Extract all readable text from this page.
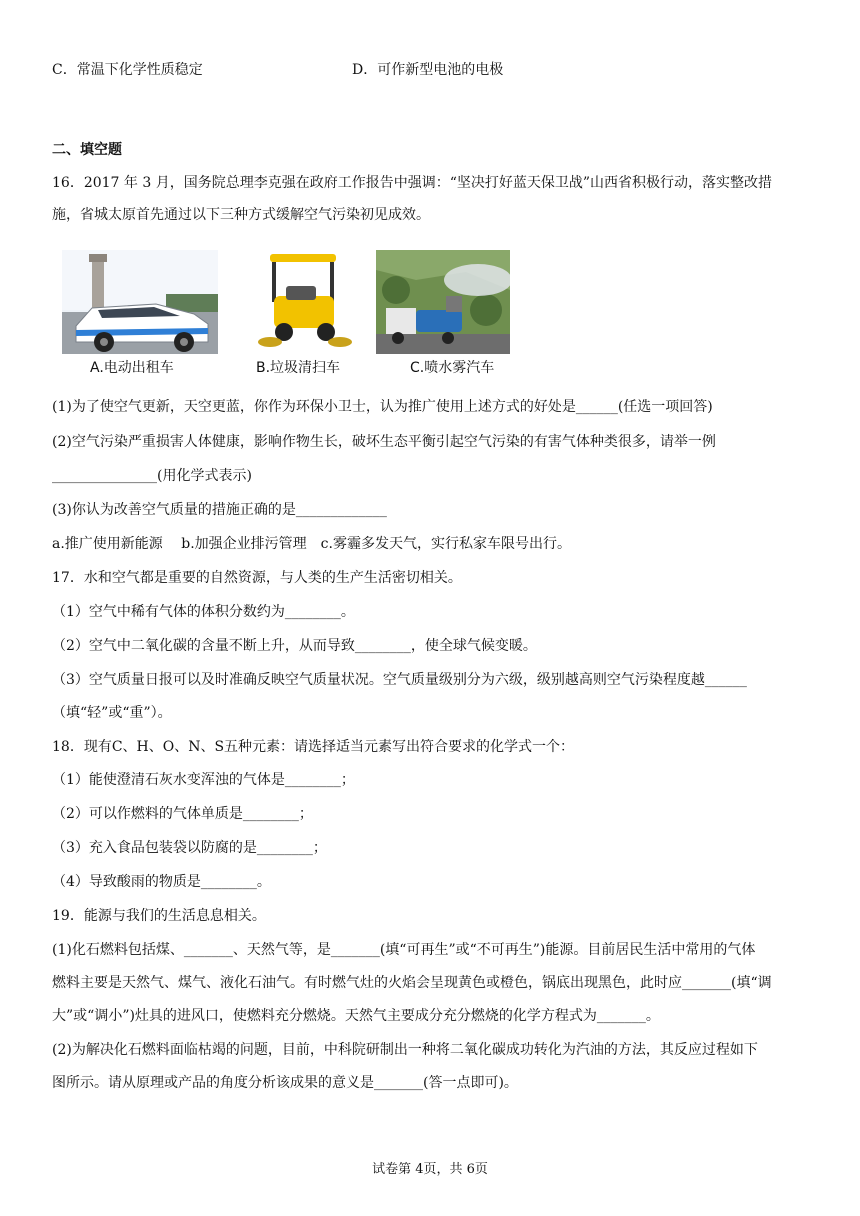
C．常温下化学性质稳定	D．可作新型电池的电极
二、填空题
16．2017 年 3 月，国务院总理李克强在政府工作报告中强调：“坚决打好蓝天保卫战”山西省积极行动，落实整改措
施，省城太原首先通过以下三种方式缓解空气污染初见成效。
A.电动出租车	B.垃圾清扫车	C.喷水雾汽车
(1)为了使空气更新，天空更蓝，你作为环保小卫士，认为推广使用上述方式的好处是______(任选一项回答)
(2)空气污染严重损害人体健康，影响作物生长，破坏生态平衡引起空气污染的有害气体种类很多，请举一例
_______________(用化学式表示)
(3)你认为改善空气质量的措施正确的是_____________
a.推广使用新能源　 b.加强企业排污管理　c.雾霾多发天气，实行私家车限号出行。
17．水和空气都是重要的自然资源，与人类的生产生活密切相关。
（1）空气中稀有气体的体积分数约为________。
（2）空气中二氧化碳的含量不断上升，从而导致________，使全球气候变暖。
（3）空气质量日报可以及时准确反映空气质量状况。空气质量级别分为六级，级别越高则空气污染程度越______
（填“轻”或“重”）。
18．现有C、H、O、N、S五种元素：请选择适当元素写出符合要求的化学式一个：
（1）能使澄清石灰水变浑浊的气体是________；
（2）可以作燃料的气体单质是________；
（3）充入食品包装袋以防腐的是________；
（4）导致酸雨的物质是________。
19．能源与我们的生活息息相关。
(1)化石燃料包括煤、_______、天然气等，是_______(填“可再生”或“不可再生”)能源。目前居民生活中常用的气体
燃料主要是天然气、煤气、液化石油气。有时燃气灶的火焰会呈现黄色或橙色，锅底出现黑色，此时应_______(填“调
大”或“调小”)灶具的进风口，使燃料充分燃烧。天然气主要成分充分燃烧的化学方程式为_______。
(2)为解决化石燃料面临枯竭的问题，目前，中科院研制出一种将二氧化碳成功转化为汽油的方法，其反应过程如下
图所示。请从原理或产品的角度分析该成果的意义是_______(答一点即可)。
试卷第 4页，共 6页
